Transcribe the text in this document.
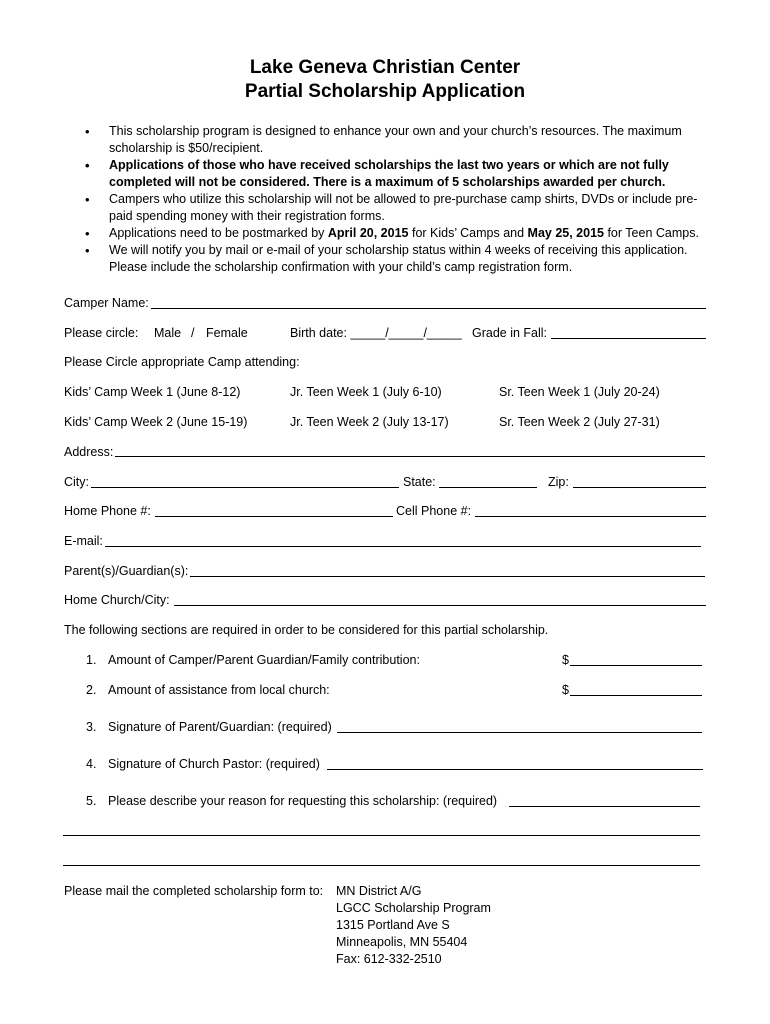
Lake Geneva Christian Center
Partial Scholarship Application
• This scholarship program is designed to enhance your own and your church’s resources. The maximum scholarship is $50/recipient.
• Applications of those who have received scholarships the last two years or which are not fully completed will not be considered. There is a maximum of 5 scholarships awarded per church.
• Campers who utilize this scholarship will not be allowed to pre-purchase camp shirts, DVDs or include pre-paid spending money with their registration forms.
• Applications need to be postmarked by April 20, 2015 for Kids’ Camps and May 25, 2015 for Teen Camps.
• We will notify you by mail or e-mail of your scholarship status within 4 weeks of receiving this application. Please include the scholarship confirmation with your child’s camp registration form.
Camper Name:
Please circle: Male / Female	Birth date: _____/_____/_____ Grade in Fall:
Please Circle appropriate Camp attending:
Kids’ Camp Week 1 (June 8-12)	Jr. Teen Week 1 (July 6-10)	Sr. Teen Week 1 (July 20-24)
Kids’ Camp Week 2 (June 15-19)	Jr. Teen Week 2 (July 13-17)	Sr. Teen Week 2 (July 27-31)
Address:
City:	State:	Zip:
Home Phone #:	Cell Phone #:
E-mail:
Parent(s)/Guardian(s):
Home Church/City:
The following sections are required in order to be considered for this partial scholarship.
1. Amount of Camper/Parent Guardian/Family contribution:	$
2. Amount of assistance from local church:	$
3. Signature of Parent/Guardian: (required)
4. Signature of Church Pastor: (required)
5. Please describe your reason for requesting this scholarship: (required)
Please mail the completed scholarship form to: MN District A/G
LGCC Scholarship Program
1315 Portland Ave S
Minneapolis, MN 55404
Fax: 612-332-2510
